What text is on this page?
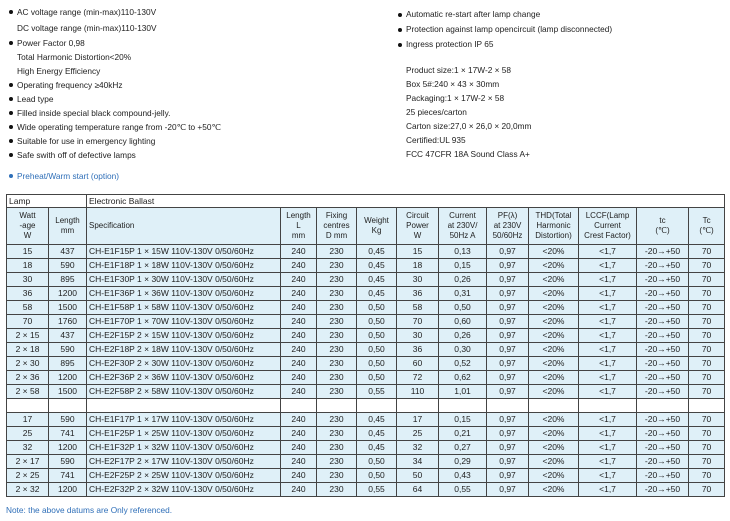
AC voltage range (min-max)110-130V
DC voltage range (min-max)110-130V
Power Factor 0,98
Total Harmonic Distortion<20%
High Energy Efficiency
Operating frequency ≥40kHz
Lead type
Filled inside special black compound-jelly.
Wide operating temperature range from -20℃ to +50℃
Suitable for use in emergency lighting
Safe swith off of defective lamps
Preheat/Warm start (option)
Automatic re-start after lamp change
Protection against lamp opencircuit (lamp disconnected)
Ingress protection IP 65
Product size:1 × 17W-2 × 58
Box 5#:240 × 43 × 30mm
Packaging:1 × 17W-2 × 58
25 pieces/carton
Carton size:27,0 × 26,0 × 20,0mm
Certified:UL 935
FCC 47CFR 18A Sound Class A+
Lamp		Electronic Ballast										
Watt
-age
W	Length
mm	Specification	Length
L
mm	Fixing
centres
D mm	Weight
Kg	Circuit
Power
W	Current
at 230V/
50Hz A	PF(λ)
at 230V
50/60Hz	THD(Total
Harmonic
Distortion)	LCCF(Lamp
Current
Crest Factor)	tc
(℃)	Tc
(℃)
15	437	CH-E1F15P 1 × 15W 110V-130V 0/50/60Hz	240	230	0,45	15	0,13	0,97	<20%	<1,7	-20→+50	70
18	590	CH-E1F18P 1 × 18W 110V-130V 0/50/60Hz	240	230	0,45	18	0,15	0,97	<20%	<1,7	-20→+50	70
30	895	CH-E1F30P 1 × 30W 110V-130V 0/50/60Hz	240	230	0,45	30	0,26	0,97	<20%	<1,7	-20→+50	70
36	1200	CH-E1F36P 1 × 36W 110V-130V 0/50/60Hz	240	230	0,45	36	0,31	0,97	<20%	<1,7	-20→+50	70
58	1500	CH-E1F58P 1 × 58W 110V-130V 0/50/60Hz	240	230	0,50	58	0,50	0,97	<20%	<1,7	-20→+50	70
70	1760	CH-E1F70P 1 × 70W 110V-130V 0/50/60Hz	240	230	0,50	70	0,60	0,97	<20%	<1,7	-20→+50	70
2 × 15	437	CH-E2F15P 2 × 15W 110V-130V 0/50/60Hz	240	230	0,50	30	0,26	0,97	<20%	<1,7	-20→+50	70
2 × 18	590	CH-E2F18P 2 × 18W 110V-130V 0/50/60Hz	240	230	0,50	36	0,30	0,97	<20%	<1,7	-20→+50	70
2 × 30	895	CH-E2F30P 2 × 30W 110V-130V 0/50/60Hz	240	230	0,50	60	0,52	0,97	<20%	<1,7	-20→+50	70
2 × 36	1200	CH-E2F36P 2 × 36W 110V-130V 0/50/60Hz	240	230	0,50	72	0,62	0,97	<20%	<1,7	-20→+50	70
2 × 58	1500	CH-E2F58P 2 × 58W 110V-130V 0/50/60Hz	240	230	0,55	110	1,01	0,97	<20%	<1,7	-20→+50	70

17	590	CH-E1F17P 1 × 17W 110V-130V 0/50/60Hz	240	230	0,45	17	0,15	0,97	<20%	<1,7	-20→+50	70
25	741	CH-E1F25P 1 × 25W 110V-130V 0/50/60Hz	240	230	0,45	25	0,21	0,97	<20%	<1,7	-20→+50	70
32	1200	CH-E1F32P 1 × 32W 110V-130V 0/50/60Hz	240	230	0,45	32	0,27	0,97	<20%	<1,7	-20→+50	70
2 × 17	590	CH-E2F17P 2 × 17W 110V-130V 0/50/60Hz	240	230	0,50	34	0,29	0,97	<20%	<1,7	-20→+50	70
2 × 25	741	CH-E2F25P 2 × 25W 110V-130V 0/50/60Hz	240	230	0,50	50	0,43	0,97	<20%	<1,7	-20→+50	70
2 × 32	1200	CH-E2F32P 2 × 32W 110V-130V 0/50/60Hz	240	230	0,55	64	0,55	0,97	<20%	<1,7	-20→+50	70
Note: the above datums are Only referenced.
